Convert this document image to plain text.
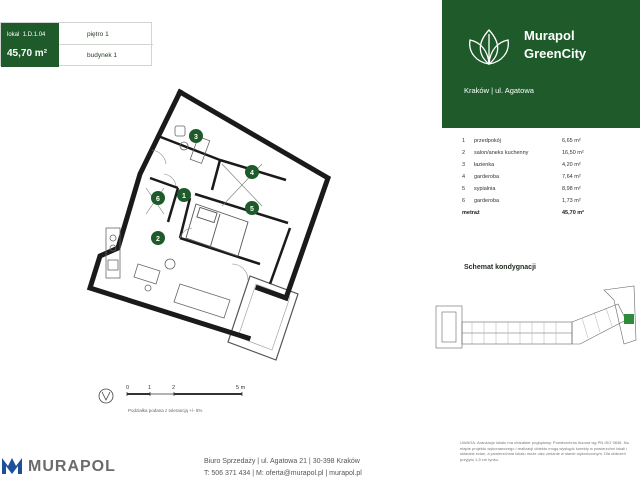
lokal 1.D.1.04
45,70 m²
piętro 1
budynek 1
Murapol
GreenCity
Kraków | ul. Agatowa
1 przedpokój	6,65 m²
2 salon/aneks kuchenny	16,50 m²
3 łazienka	4,20 m²
4 garderoba	7,64 m²
5 sypialnia	8,98 m²
6 garderoba	1,73 m²
metraż	45,70 m²
Schemat kondygnacji
1
2
3
4
5
6
0	1	2	5 m
Podziałka podana z tolerancją +/- 5%
MURAPOL	Biuro Sprzedaży | ul. Agatowa 21 | 30-398 Kraków
T: 506 371 434 | M: oferta@murapol.pl | murapol.pl
UWAGA: Aranżacja lokalu ma charakter poglądowy. Powierzchnia liczona wg PN-ISO 9836. Na etapie projektu wykonawczego i realizacji obiektu mogą wystąpić korekty w powierzchni lokali i układzie ścian, a powierzchnia lokalu może ulec zmianie w stanie wykończonym. Dla obliczeń przyjęto 1,5 cm tynku.
